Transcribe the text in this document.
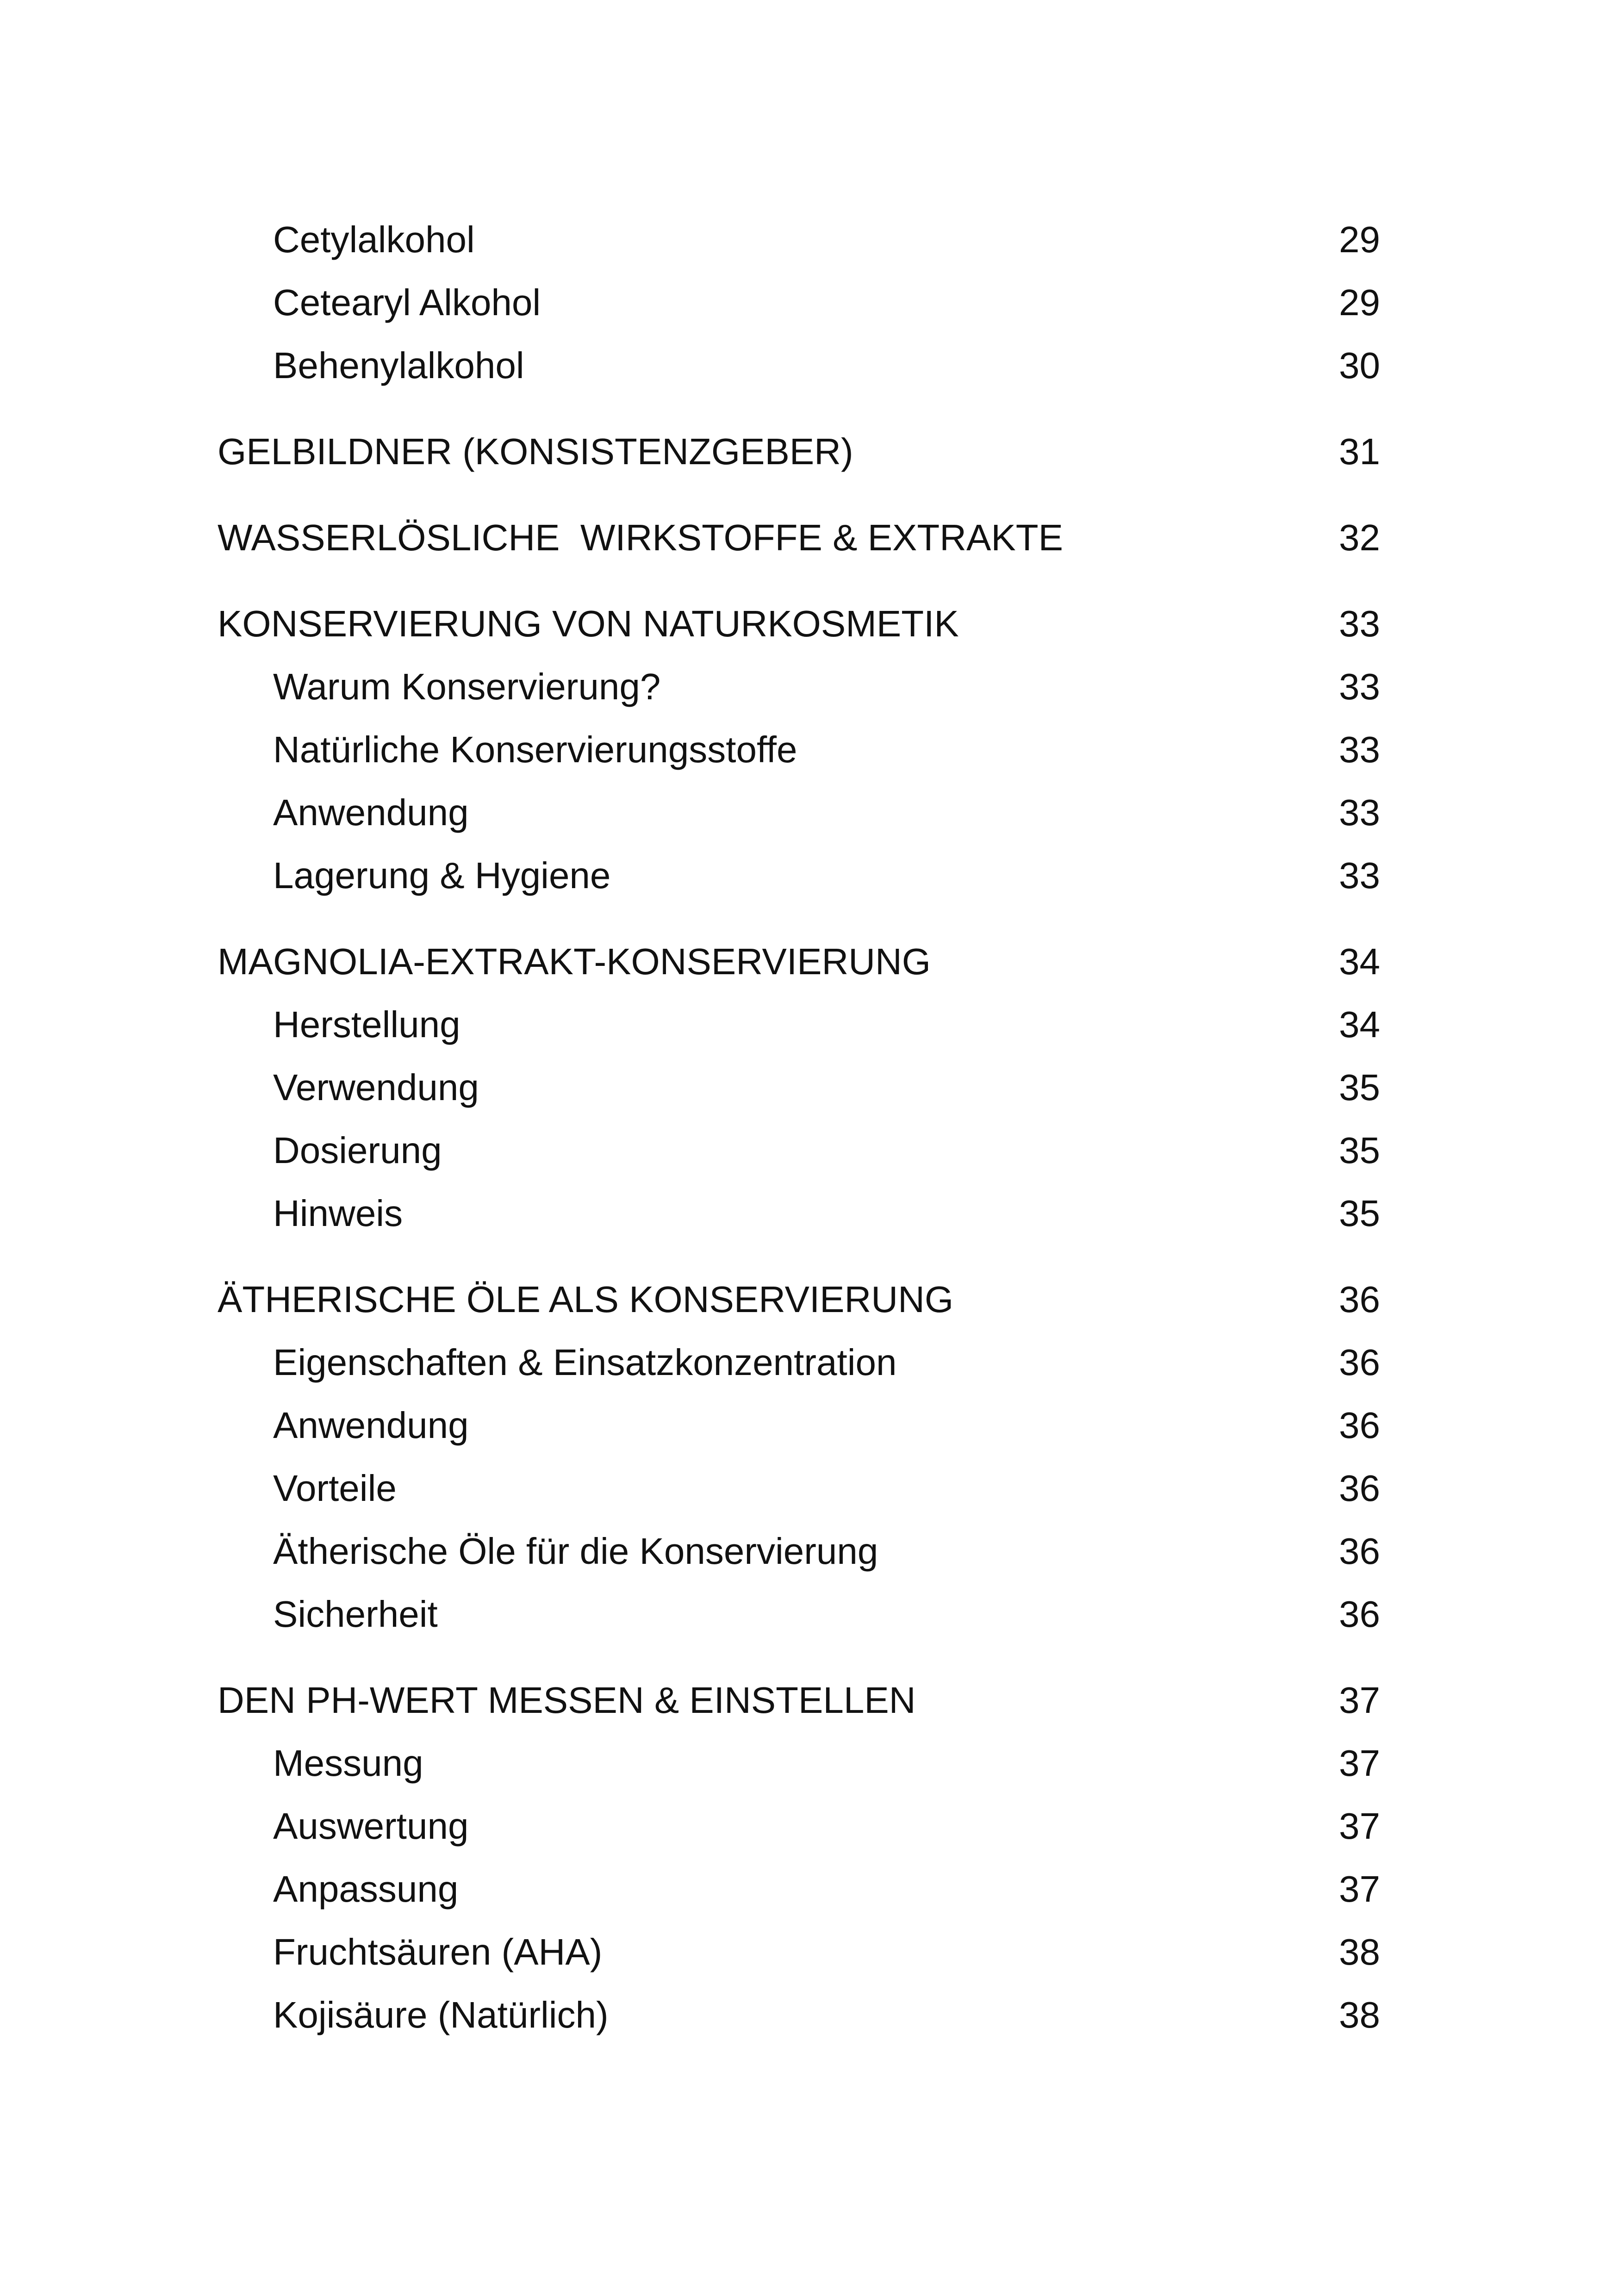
Cetylalkohol	29
Cetearyl Alkohol	29
Behenylalkohol	30
GELBILDNER (KONSISTENZGEBER)	31
WASSERLÖSLICHE  WIRKSTOFFE & EXTRAKTE	32
KONSERVIERUNG VON NATURKOSMETIK	33
Warum Konservierung?	33
Natürliche Konservierungsstoffe	33
Anwendung	33
Lagerung & Hygiene	33
MAGNOLIA-EXTRAKT-KONSERVIERUNG	34
Herstellung	34
Verwendung	35
Dosierung	35
Hinweis	35
ÄTHERISCHE ÖLE ALS KONSERVIERUNG	36
Eigenschaften & Einsatzkonzentration	36
Anwendung	36
Vorteile	36
Ätherische Öle für die Konservierung	36
Sicherheit	36
DEN PH-WERT MESSEN & EINSTELLEN	37
Messung	37
Auswertung	37
Anpassung	37
Fruchtsäuren (AHA)	38
Kojisäure (Natürlich)	38
